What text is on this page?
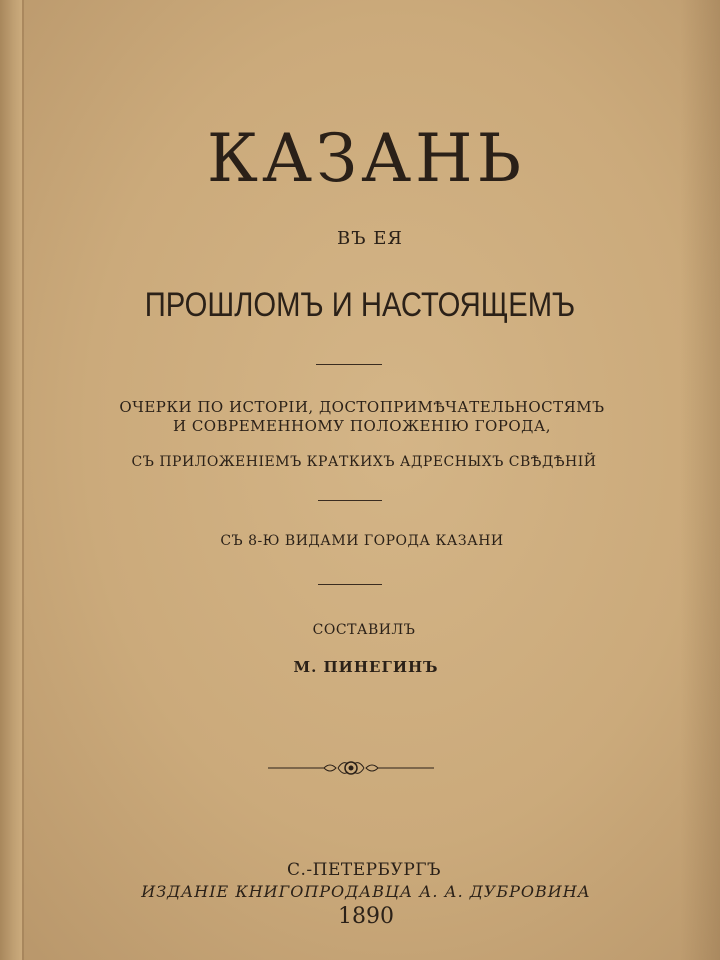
КАЗАНЬ
ВЪ ЕЯ
ПРОШЛОМЪ И НАСТОЯЩЕМЪ
ОЧЕРКИ ПО ИСТОРІИ, ДОСТОПРИМѢЧАТЕЛЬНОСТЯМЪ
И СОВРЕМЕННОМУ ПОЛОЖЕНІЮ ГОРОДА,
СЪ ПРИЛОЖЕНІЕМЪ КРАТКИХЪ АДРЕСНЫХЪ СВѢДѢНІЙ
СЪ 8-Ю ВИДАМИ ГОРОДА КАЗАНИ
СОСТАВИЛЪ
М. ПИНЕГИНЪ
С.-ПЕТЕРБУРГЪ
ИЗДАНІЕ КНИГОПРОДАВЦА А. А. ДУБРОВИНА
1890
